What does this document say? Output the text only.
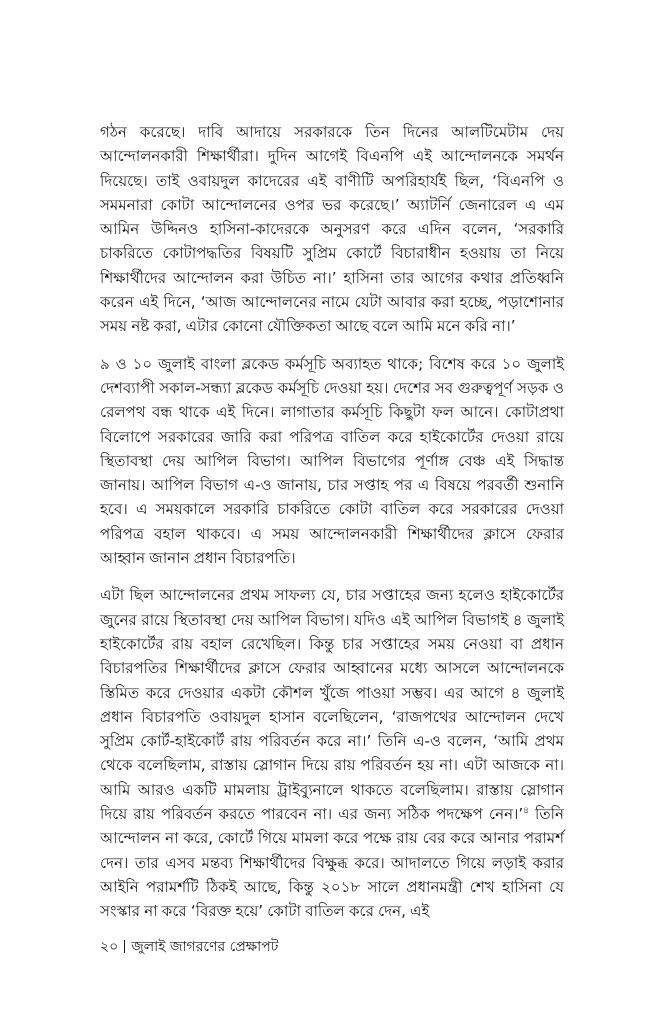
গঠন করেছে। দাবি আদায়ে সরকারকে তিন দিনের আলটিমেটাম দেয় আন্দোলনকারী শিক্ষার্থীরা। দুদিন আগেই বিএনপি এই আন্দোলনকে সমর্থন দিয়েছে। তাই ওবায়দুল কাদেরের এই বাণীটি অপরিহার্যই ছিল, ‘বিএনপি ও সমমনারা কোটা আন্দোলনের ওপর ভর করেছে।’ অ্যাটর্নি জেনারেল এ এম আমিন উদ্দিনও হাসিনা-কাদেরকে অনুসরণ করে এদিন বলেন, ‘সরকারি চাকরিতে কোটাপদ্ধতির বিষয়টি সুপ্রিম কোর্টে বিচারাধীন হওয়ায় তা নিয়ে শিক্ষার্থীদের আন্দোলন করা উচিত না।’ হাসিনা তার আগের কথার প্রতিধ্বনি করেন এই দিনে, ‘আজ আন্দোলনের নামে যেটা আবার করা হচ্ছে, পড়াশোনার সময় নষ্ট করা, এটার কোনো যৌক্তিকতা আছে বলে আমি মনে করি না।’

৯ ও ১০ জুলাই বাংলা ব্লকেড কর্মসূচি অব্যাহত থাকে; বিশেষ করে ১০ জুলাই দেশব্যাপী সকাল-সন্ধ্যা ব্লকেড কর্মসূচি দেওয়া হয়। দেশের সব গুরুত্বপূর্ণ সড়ক ও রেলপথ বন্ধ থাকে এই দিনে। লাগাতার কর্মসূচি কিছুটা ফল আনে। কোটাপ্রথা বিলোপে সরকারের জারি করা পরিপত্র বাতিল করে হাইকোর্টের দেওয়া রায়ে স্থিতাবস্থা দেয় আপিল বিভাগ। আপিল বিভাগের পূর্ণাঙ্গ বেঞ্চ এই সিদ্ধান্ত জানায়। আপিল বিভাগ এ-ও জানায়, চার সপ্তাহ পর এ বিষয়ে পরবর্তী শুনানি হবে। এ সময়কালে সরকারি চাকরিতে কোটা বাতিল করে সরকারের দেওয়া পরিপত্র বহাল থাকবে। এ সময় আন্দোলনকারী শিক্ষার্থীদের ক্লাসে ফেরার আহ্বান জানান প্রধান বিচারপতি।

এটা ছিল আন্দোলনের প্রথম সাফল্য যে, চার সপ্তাহের জন্য হলেও হাইকোর্টের জুনের রায়ে স্থিতাবস্থা দেয় আপিল বিভাগ। যদিও এই আপিল বিভাগই ৪ জুলাই হাইকোর্টের রায় বহাল রেখেছিল। কিন্তু চার সপ্তাহের সময় নেওয়া বা প্রধান বিচারপতির শিক্ষার্থীদের ক্লাসে ফেরার আহ্বানের মধ্যে আসলে আন্দোলনকে স্তিমিত করে দেওয়ার একটা কৌশল খুঁজে পাওয়া সম্ভব। এর আগে ৪ জুলাই প্রধান বিচারপতি ওবায়দুল হাসান বলেছিলেন, ‘রাজপথের আন্দোলন দেখে সুপ্রিম কোর্ট-হাইকোর্ট রায় পরিবর্তন করে না।’ তিনি এ-ও বলেন, ‘আমি প্রথম থেকে বলেছিলাম, রাস্তায় স্লোগান দিয়ে রায় পরিবর্তন হয় না। এটা আজকে না। আমি আরও একটি মামলায় ট্রাইব্যুনালে থাকতে বলেছিলাম। রাস্তায় স্লোগান দিয়ে রায় পরিবর্তন করতে পারবেন না। এর জন্য সঠিক পদক্ষেপ নেন।’$^৪$ তিনি আন্দোলন না করে, কোর্টে গিয়ে মামলা করে পক্ষে রায় বের করে আনার পরামর্শ দেন। তার এসব মন্তব্য শিক্ষার্থীদের বিক্ষুব্ধ করে। আদালতে গিয়ে লড়াই করার আইনি পরামর্শটি ঠিকই আছে, কিন্তু ২০১৮ সালে প্রধানমন্ত্রী শেখ হাসিনা যে সংস্কার না করে ‘বিরক্ত হয়ে’ কোটা বাতিল করে দেন, এই

২০ জুলাই জাগরণের প্রেক্ষাপট
